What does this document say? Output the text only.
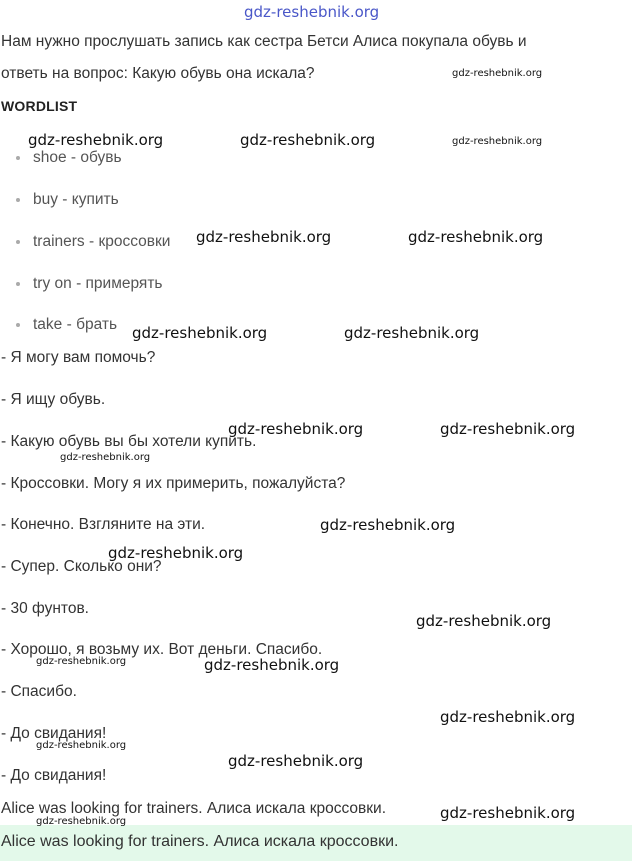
gdz-reshebnik.org
Нам нужно прослушать запись как сестра Бетси Алиса покупала обувь и
ответь на вопрос: Какую обувь она искала?
WORDLIST
shoe - обувь
buy - купить
trainers - кроссовки
try on - примерять
take - брать
- Я могу вам помочь?
- Я ищу обувь.
- Какую обувь вы бы хотели купить.
- Кроссовки. Могу я их примерить, пожалуйста?
- Конечно. Взгляните на эти.
- Супер. Сколько они?
- 30 фунтов.
- Хорошо, я возьму их. Вот деньги. Спасибо.
- Спасибо.
- До свидания!
- До свидания!
Alice was looking for trainers. Алиса искала кроссовки.
Alice was looking for trainers. Алиса искала кроссовки.
gdz-reshebnik.org
gdz-reshebnik.org	gdz-reshebnik.org	gdz-reshebnik.org
gdz-reshebnik.org	gdz-reshebnik.org
gdz-reshebnik.org	gdz-reshebnik.org
gdz-reshebnik.org	gdz-reshebnik.org
gdz-reshebnik.org
gdz-reshebnik.org
gdz-reshebnik.org
gdz-reshebnik.org
gdz-reshebnik.org	gdz-reshebnik.org
gdz-reshebnik.org
gdz-reshebnik.org
gdz-reshebnik.org
gdz-reshebnik.org
gdz-reshebnik.org
